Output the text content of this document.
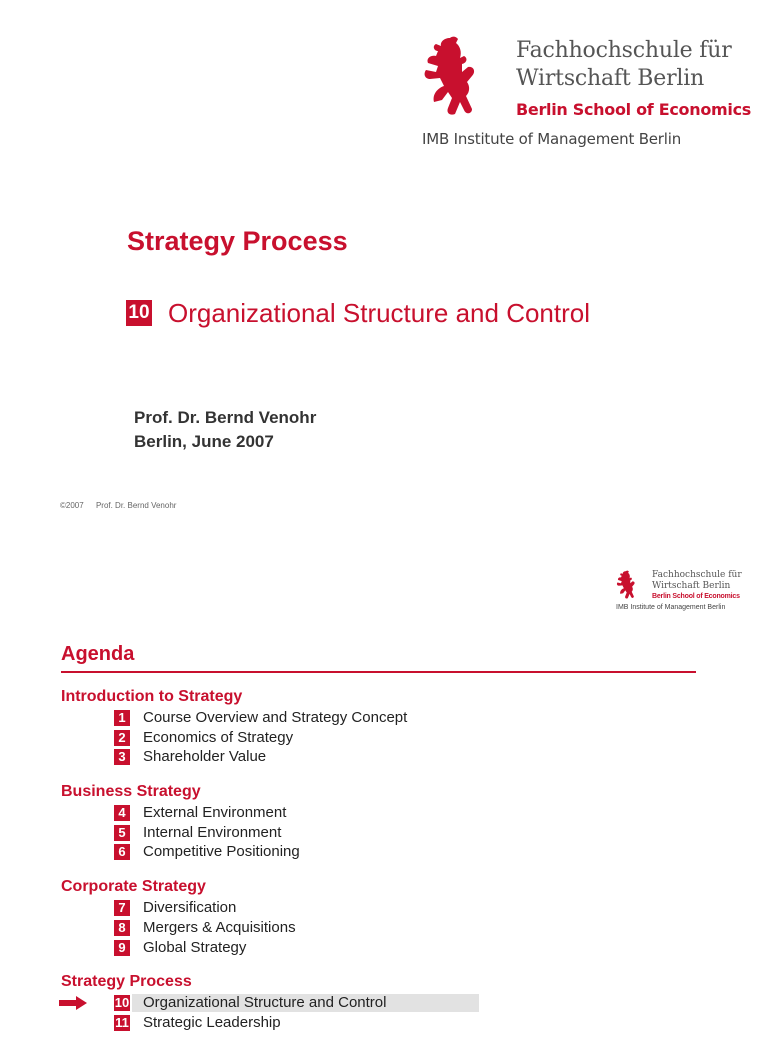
Fachhochschule für
Wirtschaft Berlin
Berlin School of Economics
IMB Institute of Management Berlin
Strategy Process
10 Organizational Structure and Control
Prof. Dr. Bernd Venohr
Berlin, June 2007
©2007 Prof. Dr. Bernd Venohr
Fachhochschule für
Wirtschaft Berlin
Berlin School of Economics
IMB Institute of Management Berlin
Agenda
Introduction to Strategy
1 Course Overview and Strategy Concept
2 Economics of Strategy
3 Shareholder Value
Business Strategy
4 External Environment
5 Internal Environment
6 Competitive Positioning
Corporate Strategy
7 Diversification
8 Mergers & Acquisitions
9 Global Strategy
Strategy Process
10 Organizational Structure and Control
11 Strategic Leadership
